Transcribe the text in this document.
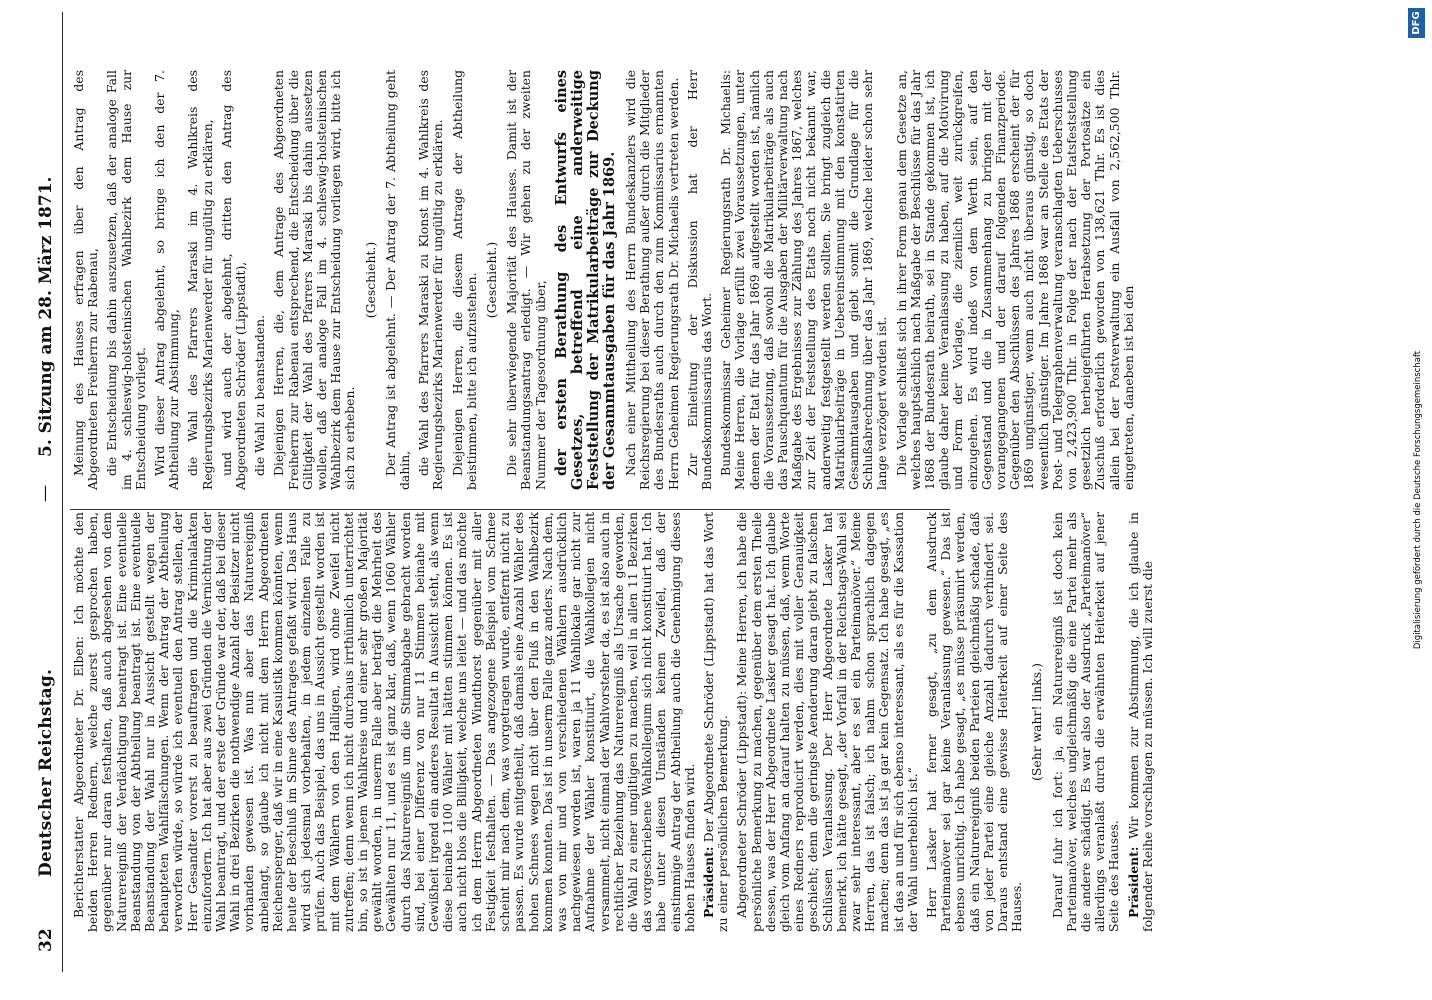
32
Deutscher Reichstag.
—
5. Sitzung am 28. März 1871.

Berichterstatter Abgeordneter Dr. Elben: Ich möchte den beiden Herren Rednern, welche zuerst gesprochen haben, gegenüber nur daran festhalten, daß auch abgesehen von dem Naturereigniß der Verdächtigung beantragt ist. Eine eventuelle Beanstandung von der Abtheilung beantragt ist. Eine eventuelle Beanstandung der Wahl nur in Aussicht gestellt wegen der behaupteten Wahlfälschungen. Wenn der Antrag der Abtheilung verworfen würde, so würde ich eventuell den Antrag stellen, der Herr Gesandter vorerst zu beauftragen und die Kriminalakten einzufordern. Ich hat aber aus zwei Gründen die Vernichtung der Wahl beantragt, und der erste der Gründe war der, daß bei dieser Wahl in drei Bezirken die nothwendige Anzahl der Beisitzer nicht vorhanden gewesen ist. Was nun aber das Naturereigniß anbelangt, so glaube ich nicht mit dem Herrn Abgeordneten Reichensperger, daß wir in eine Kasuistik kommen könnten, wenn heute der Beschluß im Sinne des Antrages gefaßt wird. Das Haus wird sich jedesmal vorbehalten, in jedem einzelnen Falle zu prüfen. Auch das Beispiel, das uns in Aussicht gestellt worden ist mit dem Wählern von den Halligen, wird ohne Zweifel nicht zutreffen; denn wenn ich nicht durchaus irrthümlich unterrichtet bin, so ist in jenem Wahlkreise und einer sehr großen Majorität gewählt worden, in unserm Falle aber beträgt die Mehrheit des Gewählten nur 11, und es ist ganz klar, daß, wenn 1060 Wähler durch das Naturereigniß um die Stimmabgabe gebracht worden sind, bei einer Differenz von nur 11 Stimmen beinahe mit Gewißheit irgend ein anderes Resultat in Aussicht steht, als wenn diese beinahe 1100 Wähler mit hätten stimmen können. Es ist auch nicht blos die Billigkeit, welche uns leitet — und das möchte ich dem Herrn Abgeordneten Windthorst gegenüber mit aller Festigkeit festhalten. — Das angezogene Beispiel vom Schnee scheint mir nach dem, was vorgetragen wurde, entfernt nicht zu passen. Es wurde mitgetheilt, daß damals eine Anzahl Wähler des hohen Schnees wegen nicht über den Fluß in den Wahlbezirk kommen konnten. Das ist in unserm Falle ganz anders. Nach dem, was von mir und von verschiedenen Wählern ausdrücklich nachgewiesen worden ist, waren ja 11 Wahllokale gar nicht zur Aufnahme der Wähler konstituirt, die Wahlkollegien nicht versammelt, nicht einmal der Wahlvorsteher da, es ist also auch in rechtlicher Beziehung das Naturereigniß als Ursache geworden, die Wahl zu einer ungiltigen zu machen, weil in allen 11 Bezirken das vorgeschriebene Wahlkollegium sich nicht konstituirt hat. Ich habe unter diesen Umständen keinen Zweifel, daß der einstimmige Antrag der Abtheilung auch die Genehmigung dieses hohen Hauses finden wird. Präsident: Der Abgeordnete Schröder (Lippstadt) hat das Wort zu einer persönlichen Bemerkung. Abgeordneter Schröder (Lippstadt): Meine Herren, ich habe die persönliche Bemerkung zu machen, gegenüber dem ersten Theile dessen, was der Herr Abgeordnete Lasker gesagt hat. Ich glaube gleich vom Anfang an darauf halten zu müssen, daß, wenn Worte eines Redners reproducirt werden, dies mit voller Genauigkeit geschieht; denn die geringste Aenderung daran giebt zu falschen Schlüssen Veranlassung. Der Herr Abgeordnete Lasker hat bemerkt, ich hätte gesagt, „der Vorfall in der Reichstags-Wahl sei zwar sehr interessant, aber es sei ein Parteimanöver.“ Meine Herren, das ist falsch; ich nahm schon sprachlich dagegen machen; denn das ist ja gar kein Gegensatz. Ich habe gesagt, „es ist das an und für sich ebenso interessant, als es für die Kassation der Wahl unerheblich ist.“ Herr Lasker hat ferner gesagt, „zu dem Ausdruck Parteimanöver sei gar keine Veranlassung gewesen.“ Das ist ebenso unrichtig. Ich habe gesagt, „es müsse präsumirt werden, daß ein Naturereigniß beiden Parteien gleichmäßig schade, daß von jeder Partei eine gleiche Anzahl dadurch verhindert sei. Daraus entstand eine gewisse Heiterkeit auf einer Seite des Hauses.

(Sehr wahr! links.) Darauf fuhr ich fort: ja, ein Naturereigniß ist doch kein Parteimanöver, welches ungleichmäßig die eine Partei mehr als die andere schädigt. Es war also der Ausdruck „Parteimanöver“ allerdings veranlaßt durch die erwähnten Heiterkeit auf jener Seite des Hauses. Präsident: Wir kommen zur Abstimmung, die ich glaube in folgender Reihe vorschlagen zu müssen. Ich will zuerst die

Meinung des Hauses erfragen über den Antrag des Abgeordneten Freiherrn zur Rabenau, die Entscheidung bis dahin auszusetzen, daß der analoge Fall im 4. schleswig-holsteinischen Wahlbezirk dem Hause zur Entscheidung vorliegt. Wird dieser Antrag abgelehnt, so bringe ich den der 7. Abtheilung zur Abstimmung, die Wahl des Pfarrers Maraski im 4. Wahlkreis des Regierungsbezirks Marienwerder für ungültig zu erklären, und wird auch der abgelehnt, dritten den Antrag des Abgeordneten Schröder (Lippstadt), die Wahl zu beanstanden. Diejenigen Herren, die, dem Antrage des Abgeordneten Freiherrn zur Rabenau entsprechend, die Entscheidung über die Giltigkeit der Wahl des Pfarrers Maraski bis dahin aussetzen wollen, daß der analoge Fall im 4. schleswig-holsteinischen Wahlbezirk dem Hause zur Entscheidung vorliegen wird, bitte ich sich zu erheben.

(Geschieht.) Der Antrag ist abgelehnt. — Der Antrag der 7. Abtheilung geht dahin, die Wahl des Pfarrers Maraski zu Klonst im 4. Wahlkreis des Regierungsbezirks Marienwerder für ungültig zu erklären. Diejenigen Herren, die diesem Antrage der Abtheilung beistimmen, bitte ich aufzustehen. (Geschieht.) Die sehr überwiegende Majorität des Hauses. Damit ist der Beanstandungsantrag erledigt. — Wir gehen zu der zweiten Nummer der Tagesordnung über, der ersten Berathung des Entwurfs eines Gesetzes, betreffend eine anderweitige Feststellung der Matrikularbeiträge zur Deckung der Gesammtausgaben für das Jahr 1869. Nach einer Mittheilung des Herrn Bundeskanzlers wird die Reichsregierung bei dieser Berathung außer durch die Mitglieder des Bundesraths auch durch den zum Kommissarius ernannten Herrn Geheimen Regierungsrath Dr. Michaelis vertreten werden. Zur Einleitung der Diskussion hat der Herr Bundeskommissarius das Wort. Bundeskommissar Geheimer Regierungsrath Dr. Michaelis: Meine Herren, die Vorlage erfüllt zwei Voraussetzungen, unter denen der Etat für das Jahr 1869 aufgestellt worden ist, nämlich die Voraussetzung, daß sowohl die Matrikularbeiträge als auch das Pauschquantum für die Ausgaben der Militärverwaltung nach Maßgabe des Ergebnisses zur Zählung des Jahres 1867, welches zur Zeit der Feststellung des Etats noch nicht bekannt war, anderweitig festgestellt werden sollten. Sie bringt zugleich die Matrikularbeiträge in Uebereinstimmung mit den konstatirten Gesammtausgaben und giebt somit die Grundlage für die Schlußabrechnung über das Jahr 1869, welche leider schon sehr lange verzögert worden ist. Die Vorlage schließt sich in ihrer Form genau dem Gesetze an, welches hauptsächlich nach Maßgabe der Beschlüsse für das Jahr 1868 der Bundesrath beirath, sei in Stande gekommen ist, ich glaube daher keine Veranlassung zu haben, auf die Motivirung und Form der Vorlage, die ziemlich weit zurückgreifen, einzugehen. Es wird indeß von dem Werth sein, auf den Gegenstand und die in Zusammenhang zu bringen mit der vorangegangenen und der darauf folgenden Finanzperiode. Gegenüber den Abschlüssen des Jahres 1868 erscheint der für 1869 ungünstiger, wenn auch nicht überaus günstig, so doch wesentlich günstiger. Im Jahre 1868 war an Stelle des Etats der Post- und Telegraphenverwaltung veranschlagten Ueberschusses von 2,423,900 Thlr. in Folge der nach der Etatsfeststellung gesetzlich herbeigeführten Herabsetzung der Portosätze ein Zuschuß erforderlich geworden von 138,621 Thlr. Es ist dies allein bei der Postverwaltung ein Ausfall von 2,562,500 Thlr. eingetreten, daneben ist bei den	Digitalisierung gefördert durch die Deutsche Forschungsgemeinschaft
DFG
